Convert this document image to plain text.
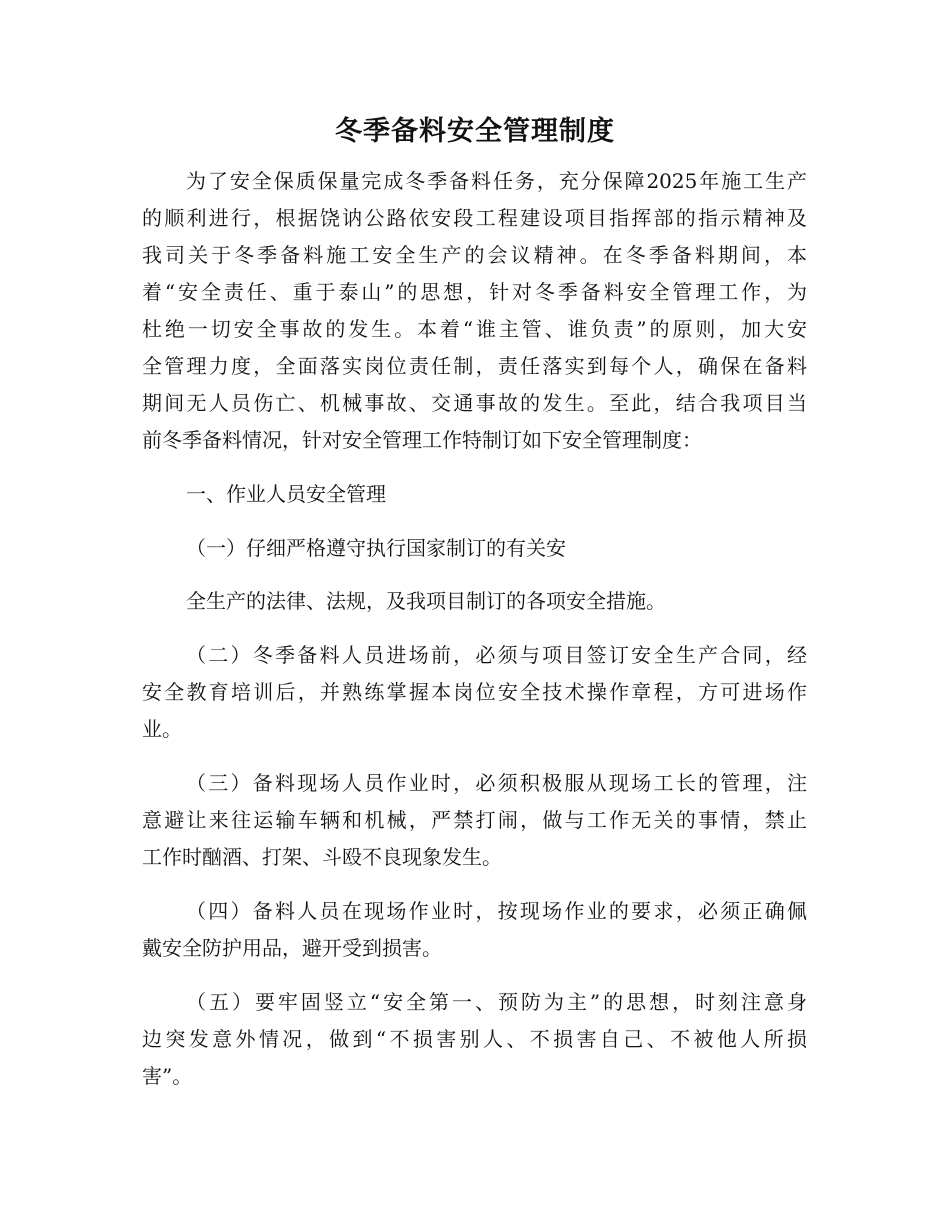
冬季备料安全管理制度

为了安全保质保量完成冬季备料任务，充分保障2025年施工生产

的顺利进行，根据饶讷公路依安段工程建设项目指挥部的指示精神及

我司关于冬季备料施工安全生产的会议精神。在冬季备料期间，本

着“安全责任、重于泰山”的思想，针对冬季备料安全管理工作，为

杜绝一切安全事故的发生。本着“谁主管、谁负责”的原则，加大安

全管理力度，全面落实岗位责任制，责任落实到每个人，确保在备料

期间无人员伤亡、机械事故、交通事故的发生。至此，结合我项目当

前冬季备料情况，针对安全管理工作特制订如下安全管理制度：

一、作业人员安全管理

（一）仔细严格遵守执行国家制订的有关安

全生产的法律、法规，及我项目制订的各项安全措施。

（二）冬季备料人员进场前，必须与项目签订安全生产合同，经

安全教育培训后，并熟练掌握本岗位安全技术操作章程，方可进场作

业。

（三）备料现场人员作业时，必须积极服从现场工长的管理，注

意避让来往运输车辆和机械，严禁打闹，做与工作无关的事情，禁止

工作时酗酒、打架、斗殴不良现象发生。

（四）备料人员在现场作业时，按现场作业的要求，必须正确佩

戴安全防护用品，避开受到损害。

（五）要牢固竖立“安全第一、预防为主”的思想，时刻注意身

边突发意外情况，做到“不损害别人、不损害自己、不被他人所损

害”。
